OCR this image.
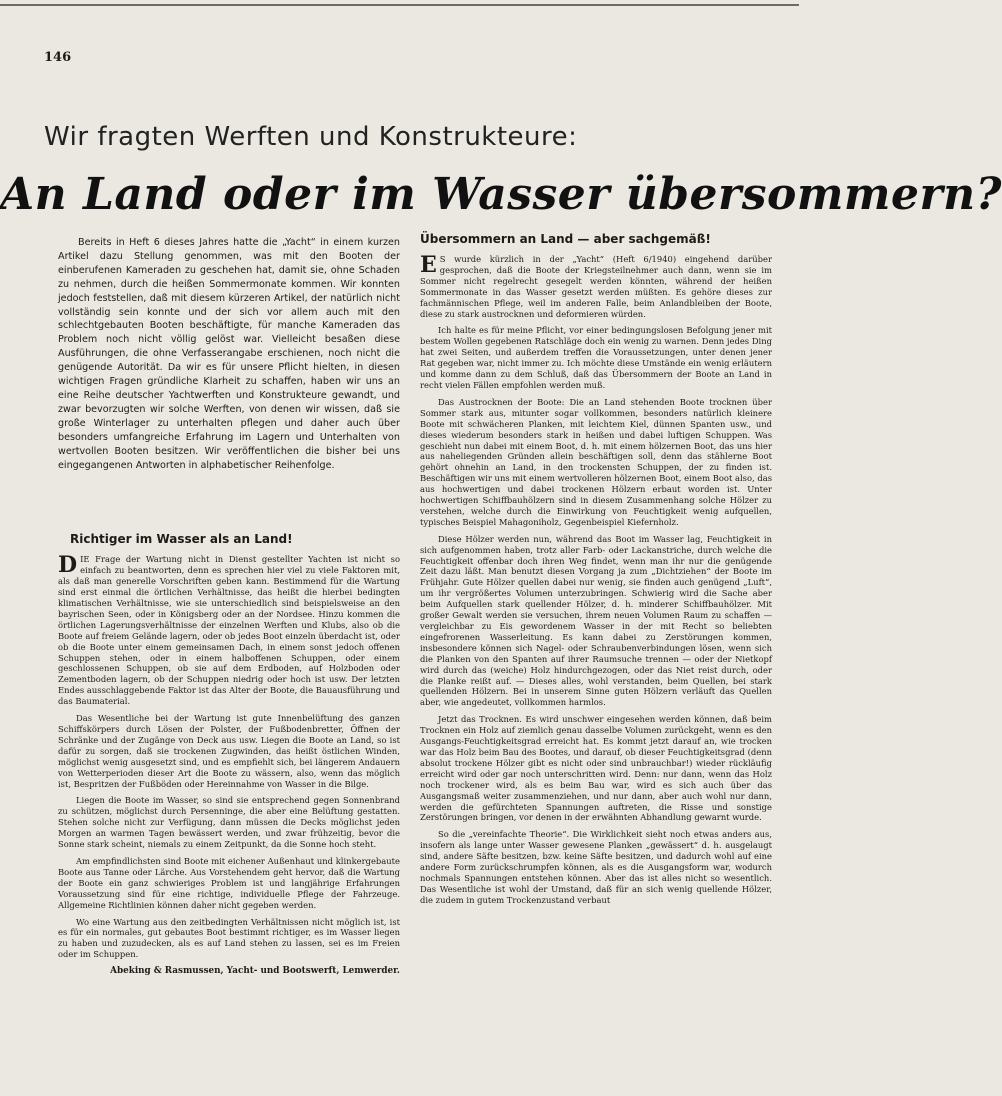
146
Wir fragten Werften und Konstrukteure:
An Land oder im Wasser übersommern?

Bereits in Heft 6 dieses Jahres hatte die „Yacht“ in einem kurzen Artikel dazu Stellung genommen, was mit den Booten der einberufenen Kameraden zu geschehen hat, damit sie, ohne Schaden zu nehmen, durch die heißen Sommermonate kommen. Wir konnten jedoch feststellen, daß mit diesem kürzeren Artikel, der natürlich nicht vollständig sein konnte und der sich vor allem auch mit den schlechtgebauten Booten beschäftigte, für manche Kameraden das Problem noch nicht völlig gelöst war. Vielleicht besaßen diese Ausführungen, die ohne Verfasserangabe erschienen, noch nicht die genügende Autorität. Da wir es für unsere Pflicht hielten, in diesen wichtigen Fragen gründliche Klarheit zu schaffen, haben wir uns an eine Reihe deutscher Yachtwerften und Konstrukteure gewandt, und zwar bevorzugten wir solche Werften, von denen wir wissen, daß sie große Winterlager zu unterhalten pflegen und daher auch über besonders umfangreiche Erfahrung im Lagern und Unterhalten von wertvollen Booten besitzen. Wir veröffentlichen die bisher bei uns eingegangenen Antworten in alphabetischer Reihenfolge.

Richtiger im Wasser als an Land!

DIE Frage der Wartung nicht in Dienst gestellter Yachten ist nicht so einfach zu beantworten, denn es sprechen hier viel zu viele Faktoren mit, als daß man generelle Vorschriften geben kann. Bestimmend für die Wartung sind erst einmal die örtlichen Verhältnisse, das heißt die hierbei bedingten klimatischen Verhältnisse, wie sie unterschiedlich sind beispielsweise an den bayrischen Seen, oder in Königsberg oder an der Nordsee. Hinzu kommen die örtlichen Lagerungsverhältnisse der einzelnen Werften und Klubs, also ob die Boote auf freiem Gelände lagern, oder ob jedes Boot einzeln überdacht ist, oder ob die Boote unter einem gemeinsamen Dach, in einem sonst jedoch offenen Schuppen stehen, oder in einem halboffenen Schuppen, oder einem geschlossenen Schuppen, ob sie auf dem Erdboden, auf Holzboden oder Zementboden lagern, ob der Schuppen niedrig oder hoch ist usw. Der letzten Endes ausschlaggebende Faktor ist das Alter der Boote, die Bauausführung und das Baumaterial.

Das Wesentliche bei der Wartung ist gute Innenbelüftung des ganzen Schiffskörpers durch Lösen der Polster, der Fußbodenbretter, Öffnen der Schränke und der Zugänge von Deck aus usw. Liegen die Boote an Land, so ist dafür zu sorgen, daß sie trockenen Zugwinden, das heißt östlichen Winden, möglichst wenig ausgesetzt sind, und es empfiehlt sich, bei längerem Andauern von Wetterperioden dieser Art die Boote zu wässern, also, wenn das möglich ist, Bespritzen der Fußböden oder Hereinnahme von Wasser in die Bilge.

Liegen die Boote im Wasser, so sind sie entsprechend gegen Sonnenbrand zu schützen, möglichst durch Persenninge, die aber eine Belüftung gestatten. Stehen solche nicht zur Verfügung, dann müssen die Decks möglichst jeden Morgen an warmen Tagen bewässert werden, und zwar frühzeitig, bevor die Sonne stark scheint, niemals zu einem Zeitpunkt, da die Sonne hoch steht.

Am empfindlichsten sind Boote mit eichener Außenhaut und klinkergebaute Boote aus Tanne oder Lärche. Aus Vorstehendem geht hervor, daß die Wartung der Boote ein ganz schwieriges Problem ist und langjährige Erfahrungen Voraussetzung sind für eine richtige, individuelle Pflege der Fahrzeuge. Allgemeine Richtlinien können daher nicht gegeben werden.

Wo eine Wartung aus den zeitbedingten Verhältnissen nicht möglich ist, ist es für ein normales, gut gebautes Boot bestimmt richtiger, es im Wasser liegen zu haben und zuzudecken, als es auf Land stehen zu lassen, sei es im Freien oder im Schuppen.

Abeking & Rasmussen, Yacht- und Bootswerft, Lemwerder.

Übersommern an Land — aber sachgemäß!

ES wurde kürzlich in der „Yacht“ (Heft 6/1940) eingehend darüber gesprochen, daß die Boote der Kriegsteilnehmer auch dann, wenn sie im Sommer nicht regelrecht gesegelt werden könnten, während der heißen Sommermonate in das Wasser gesetzt werden müßten. Es gehöre dieses zur fachmännischen Pflege, weil im anderen Falle, beim Anlandbleiben der Boote, diese zu stark austrocknen und deformieren würden.

Ich halte es für meine Pflicht, vor einer bedingungslosen Befolgung jener mit bestem Wollen gegebenen Ratschläge doch ein wenig zu warnen. Denn jedes Ding hat zwei Seiten, und außerdem treffen die Voraussetzungen, unter denen jener Rat gegeben war, nicht immer zu. Ich möchte diese Umstände ein wenig erläutern und komme dann zu dem Schluß, daß das Übersommern der Boote an Land in recht vielen Fällen empfohlen werden muß.

Das Austrocknen der Boote: Die an Land stehenden Boote trocknen über Sommer stark aus, mitunter sogar vollkommen, besonders natürlich kleinere Boote mit schwächeren Planken, mit leichtem Kiel, dünnen Spanten usw., und dieses wiederum besonders stark in heißen und dabei luftigen Schuppen. Was geschieht nun dabei mit einem Boot, d. h. mit einem hölzernen Boot, das uns hier aus naheliegenden Gründen allein beschäftigen soll, denn das stählerne Boot gehört ohnehin an Land, in den trockensten Schuppen, der zu finden ist. Beschäftigen wir uns mit einem wertvolleren hölzernen Boot, einem Boot also, das aus hochwertigen und dabei trockenen Hölzern erbaut worden ist. Unter hochwertigen Schiffbauhölzern sind in diesem Zusammenhang solche Hölzer zu verstehen, welche durch die Einwirkung von Feuchtigkeit wenig aufquellen, typisches Beispiel Mahagoniholz, Gegenbeispiel Kiefernholz.

Diese Hölzer werden nun, während das Boot im Wasser lag, Feuchtigkeit in sich aufgenommen haben, trotz aller Farb- oder Lackanstriche, durch welche die Feuchtigkeit offenbar doch ihren Weg findet, wenn man ihr nur die genügende Zeit dazu läßt. Man benutzt diesen Vorgang ja zum „Dichtziehen“ der Boote im Frühjahr. Gute Hölzer quellen dabei nur wenig, sie finden auch genügend „Luft“, um ihr vergrößertes Volumen unterzubringen. Schwierig wird die Sache aber beim Aufquellen stark quellender Hölzer, d. h. minderer Schiffbauhölzer. Mit großer Gewalt werden sie versuchen, ihrem neuen Volumen Raum zu schaffen — vergleichbar zu Eis gewordenem Wasser in der mit Recht so beliebten eingefrorenen Wasserleitung. Es kann dabei zu Zerstörungen kommen, insbesondere können sich Nagel- oder Schraubenverbindungen lösen, wenn sich die Planken von den Spanten auf ihrer Raumsuche trennen — oder der Nietkopf wird durch das (weiche) Holz hindurchgezogen, oder das Niet reist durch, oder die Planke reißt auf. — Dieses alles, wohl verstanden, beim Quellen, bei stark quellenden Hölzern. Bei in unserem Sinne guten Hölzern verläuft das Quellen aber, wie angedeutet, vollkommen harmlos.

Jetzt das Trocknen. Es wird unschwer eingesehen werden können, daß beim Trocknen ein Holz auf ziemlich genau dasselbe Volumen zurückgeht, wenn es den Ausgangs-Feuchtigkeitsgrad erreicht hat. Es kommt jetzt darauf an, wie trocken war das Holz beim Bau des Bootes, und darauf, ob dieser Feuchtigkeitsgrad (denn absolut trockene Hölzer gibt es nicht oder sind unbrauchbar!) wieder rückläufig erreicht wird oder gar noch unterschritten wird. Denn: nur dann, wenn das Holz noch trockener wird, als es beim Bau war, wird es sich auch über das Ausgangsmaß weiter zusammenziehen, und nur dann, aber auch wohl nur dann, werden die gefürchteten Spannungen auftreten, die Risse und sonstige Zerstörungen bringen, vor denen in der erwähnten Abhandlung gewarnt wurde.

So die „vereinfachte Theorie“. Die Wirklichkeit sieht noch etwas anders aus, insofern als lange unter Wasser gewesene Planken „gewässert“ d. h. ausgelaugt sind, andere Säfte besitzen, bzw. keine Säfte besitzen, und dadurch wohl auf eine andere Form zurückschrumpfen können, als es die Ausgangsform war, wodurch nochmals Spannungen entstehen können. Aber das ist alles nicht so wesentlich. Das Wesentliche ist wohl der Umstand, daß für an sich wenig quellende Hölzer, die zudem in gutem Trockenzustand verbaut
